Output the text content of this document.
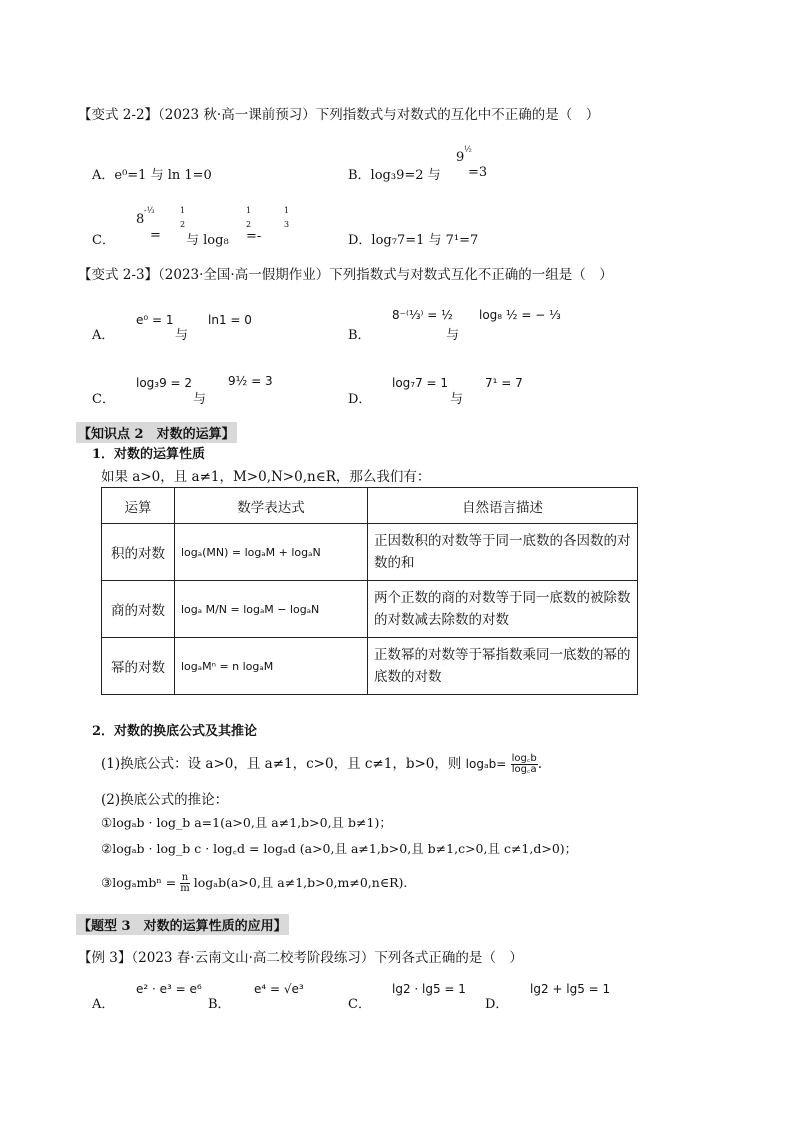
【变式 2-2】（2023 秋·高一课前预习）下列指数式与对数式的互化中不正确的是（　）
A．e⁰=1 与 ln 1=0	B．log₃9=2 与
9
½
=3
C．
8
-⅓
=
1
2
与 log₈
1
2
=-
1
3
D．log₇7=1 与 7¹=7
【变式 2-3】（2023·全国·高一假期作业）下列指数式与对数式互化不正确的一组是（　）
A．
e⁰ = 1
与
ln1 = 0
B．
8⁻⁽⅓⁾ = ½
与
log₈ ½ = − ⅓
C．
log₃9 = 2
与
9½ = 3
D．
log₇7 = 1
与
7¹ = 7
【知识点 2　对数的运算】
1．对数的运算性质
如果 a>0，且 a≠1，M>0,N>0,n∈R，那么我们有：
运算	数学表达式	自然语言描述
积的对数	logₐ(MN) = logₐM + logₐN	正因数积的对数等于同一底数的各因数的对数的和
商的对数	logₐ M/N = logₐM − logₐN	两个正数的商的对数等于同一底数的被除数的对数减去除数的对数
幂的对数	logₐMⁿ = n logₐM	正数幂的对数等于幂指数乘同一底数的幂的底数的对数
2．对数的换底公式及其推论
(1)换底公式：设 a>0，且 a≠1，c>0，且 c≠1，b>0，则 $\log_ab= \frac{\log꜀b}{\log꜀a}$ .
(2)换底公式的推论：
①logₐb · log_b a=1(a>0,且 a≠1,b>0,且 b≠1)；
②logₐb · log_b c · log꜀d = logₐd (a>0,且 a≠1,b>0,且 b≠1,c>0,且 c≠1,d>0)；
③logₐmbⁿ = $\frac{n}{m} \log_ab(a>0$,且 a≠1,b>0,m≠0,n∈R).
【题型 3　对数的运算性质的应用】
【例 3】（2023 春·云南文山·高二校考阶段练习）下列各式正确的是（　）
A．
e² · e³ = e⁶
B．
e⁴ = √e³
C．
lg2 · lg5 = 1
D．
lg2 + lg5 = 1
